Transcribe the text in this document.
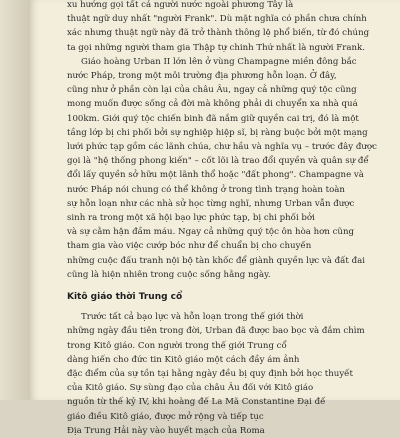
xu hướng gọi tất cả người nước ngoài phương Tây là
thuật ngữ duy nhất "người Frank". Dù mặt nghĩa có phần chưa chính
xác nhưng thuật ngữ này đã trở thành thông lệ phổ biến, từ đó chúng
ta gọi những người tham gia Thập tự chinh Thứ nhất là người Frank.
Giáo hoàng Urban II lớn lên ở vùng Champagne miền đông bắc
nước Pháp, trong một môi trường địa phương hỗn loạn. Ở đây,
cũng như ở phần còn lại của châu Âu, ngay cả những quý tộc cũng
mong muốn được sống cả đời mà không phải di chuyển xa nhà quá
100km. Giới quý tộc chiến binh đã nắm giữ quyền cai trị, đó là một
tầng lớp bị chi phối bởi sự nghiệp hiệp sĩ, bị ràng buộc bởi một mạng
lưới phức tạp gồm các lãnh chúa, chư hầu và nghĩa vụ – trước đây được
gọi là "hệ thống phong kiến" – cốt lõi là trao đổi quyền và quân sự để
đổi lấy quyền sở hữu một lãnh thổ hoặc "đất phong". Champagne và
nước Pháp nói chung có thể không ở trong tình trạng hoàn toàn
sự hỗn loạn như các nhà sử học từng nghĩ, nhưng Urban vẫn được
sinh ra trong một xã hội bạo lực phức tạp, bị chi phối bởi
và sự cằm hận đầm máu. Ngay cả những quý tộc ôn hòa hơn cũng
tham gia vào việc cướp bóc như để chuẩn bị cho chuyến
những cuộc đấu tranh nội bộ tàn khốc để giành quyền lực và đất đai
cũng là hiện nhiên trong cuộc sống hằng ngày.
Kitô giáo thời Trung cổ
Trước tất cả bạo lực và hỗn loạn trong thế giới thời
những ngày đầu tiên trong đời, Urban đã được bao bọc và đắm chìm
trong Kitô giáo. Con người trong thế giới Trung cổ
dàng hiến cho đức tin Kitô giáo một cách đầy ám ảnh
đặc điểm của sự tồn tại hằng ngày đều bị quy định bởi học thuyết
của Kitô giáo. Sự sùng đạo của châu Âu đối với Kitô giáo
nguồn từ thế kỷ IV, khi hoàng đế La Mã Constantine Đại đế
giáo điều Kitô giáo, được mở rộng và tiếp tục
Địa Trung Hải này vào huyết mạch của Roma
